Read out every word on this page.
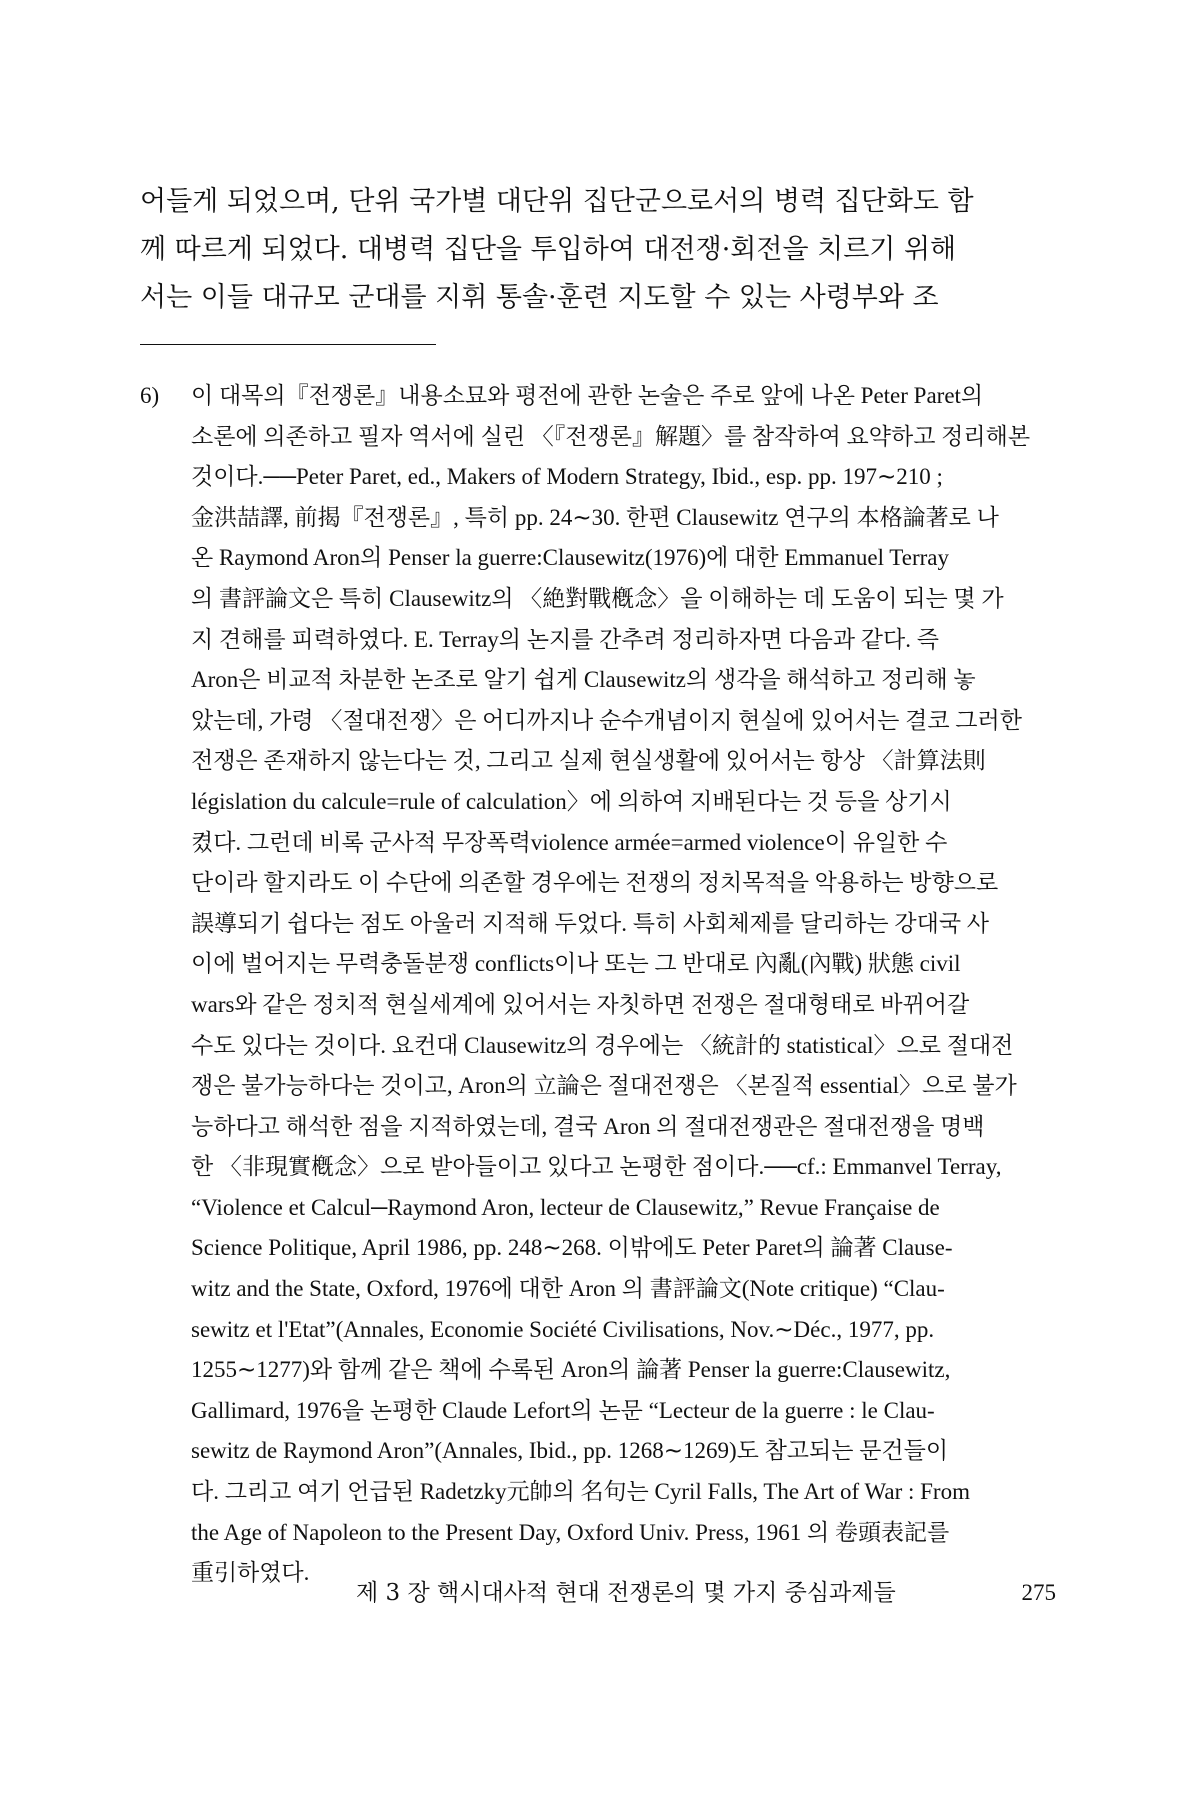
어들게 되었으며, 단위 국가별 대단위 집단군으로서의 병력 집단화도 함
께 따르게 되었다. 대병력 집단을 투입하여 대전쟁·회전을 치르기 위해
서는 이들 대규모 군대를 지휘 통솔·훈련 지도할 수 있는 사령부와 조
6) 이 대목의『전쟁론』내용소묘와 평전에 관한 논술은 주로 앞에 나온 Peter Paret의
소론에 의존하고 필자 역서에 실린 〈『전쟁론』解題〉를 참작하여 요약하고 정리해본
것이다.──Peter Paret, ed., Makers of Modern Strategy, Ibid., esp. pp. 197∼210 ;
金洪喆譯, 前揭『전쟁론』, 특히 pp. 24∼30. 한편 Clausewitz 연구의 本格論著로 나
온 Raymond Aron의 Penser la guerre:Clausewitz(1976)에 대한 Emmanuel Terray
의 書評論文은 특히 Clausewitz의 〈絶對戰槪念〉을 이해하는 데 도움이 되는 몇 가
지 견해를 피력하였다. E. Terray의 논지를 간추려 정리하자면 다음과 같다. 즉
Aron은 비교적 차분한 논조로 알기 쉽게 Clausewitz의 생각을 해석하고 정리해 놓
았는데, 가령 〈절대전쟁〉은 어디까지나 순수개념이지 현실에 있어서는 결코 그러한
전쟁은 존재하지 않는다는 것, 그리고 실제 현실생활에 있어서는 항상 〈計算法則
législation du calcule=rule of calculation〉에 의하여 지배된다는 것 등을 상기시
켰다. 그런데 비록 군사적 무장폭력violence armée=armed violence이 유일한 수
단이라 할지라도 이 수단에 의존할 경우에는 전쟁의 정치목적을 악용하는 방향으로
誤導되기 쉽다는 점도 아울러 지적해 두었다. 특히 사회체제를 달리하는 강대국 사
이에 벌어지는 무력충돌분쟁 conflicts이나 또는 그 반대로 內亂(內戰) 狀態 civil
wars와 같은 정치적 현실세계에 있어서는 자칫하면 전쟁은 절대형태로 바뀌어갈
수도 있다는 것이다. 요컨대 Clausewitz의 경우에는 〈統計的 statistical〉으로 절대전
쟁은 불가능하다는 것이고, Aron의 立論은 절대전쟁은 〈본질적 essential〉으로 불가
능하다고 해석한 점을 지적하였는데, 결국 Aron 의 절대전쟁관은 절대전쟁을 명백
한 〈非現實槪念〉으로 받아들이고 있다고 논평한 점이다.──cf.: Emmanvel Terray,
“Violence et Calcul─Raymond Aron, lecteur de Clausewitz,” Revue Française de
Science Politique, April 1986, pp. 248∼268. 이밖에도 Peter Paret의 論著 Clause-
witz and the State, Oxford, 1976에 대한 Aron 의 書評論文(Note critique) “Clau-
sewitz et l'Etat”(Annales, Economie Société Civilisations, Nov.∼Déc., 1977, pp.
1255∼1277)와 함께 같은 책에 수록된 Aron의 論著 Penser la guerre:Clausewitz,
Gallimard, 1976을 논평한 Claude Lefort의 논문 “Lecteur de la guerre : le Clau-
sewitz de Raymond Aron”(Annales, Ibid., pp. 1268∼1269)도 참고되는 문건들이
다. 그리고 여기 언급된 Radetzky元帥의 名句는 Cyril Falls, The Art of War : From
the Age of Napoleon to the Present Day, Oxford Univ. Press, 1961 의 卷頭表記를
重引하였다.
제 3 장 핵시대사적 현대 전쟁론의 몇 가지 중심과제들	275
